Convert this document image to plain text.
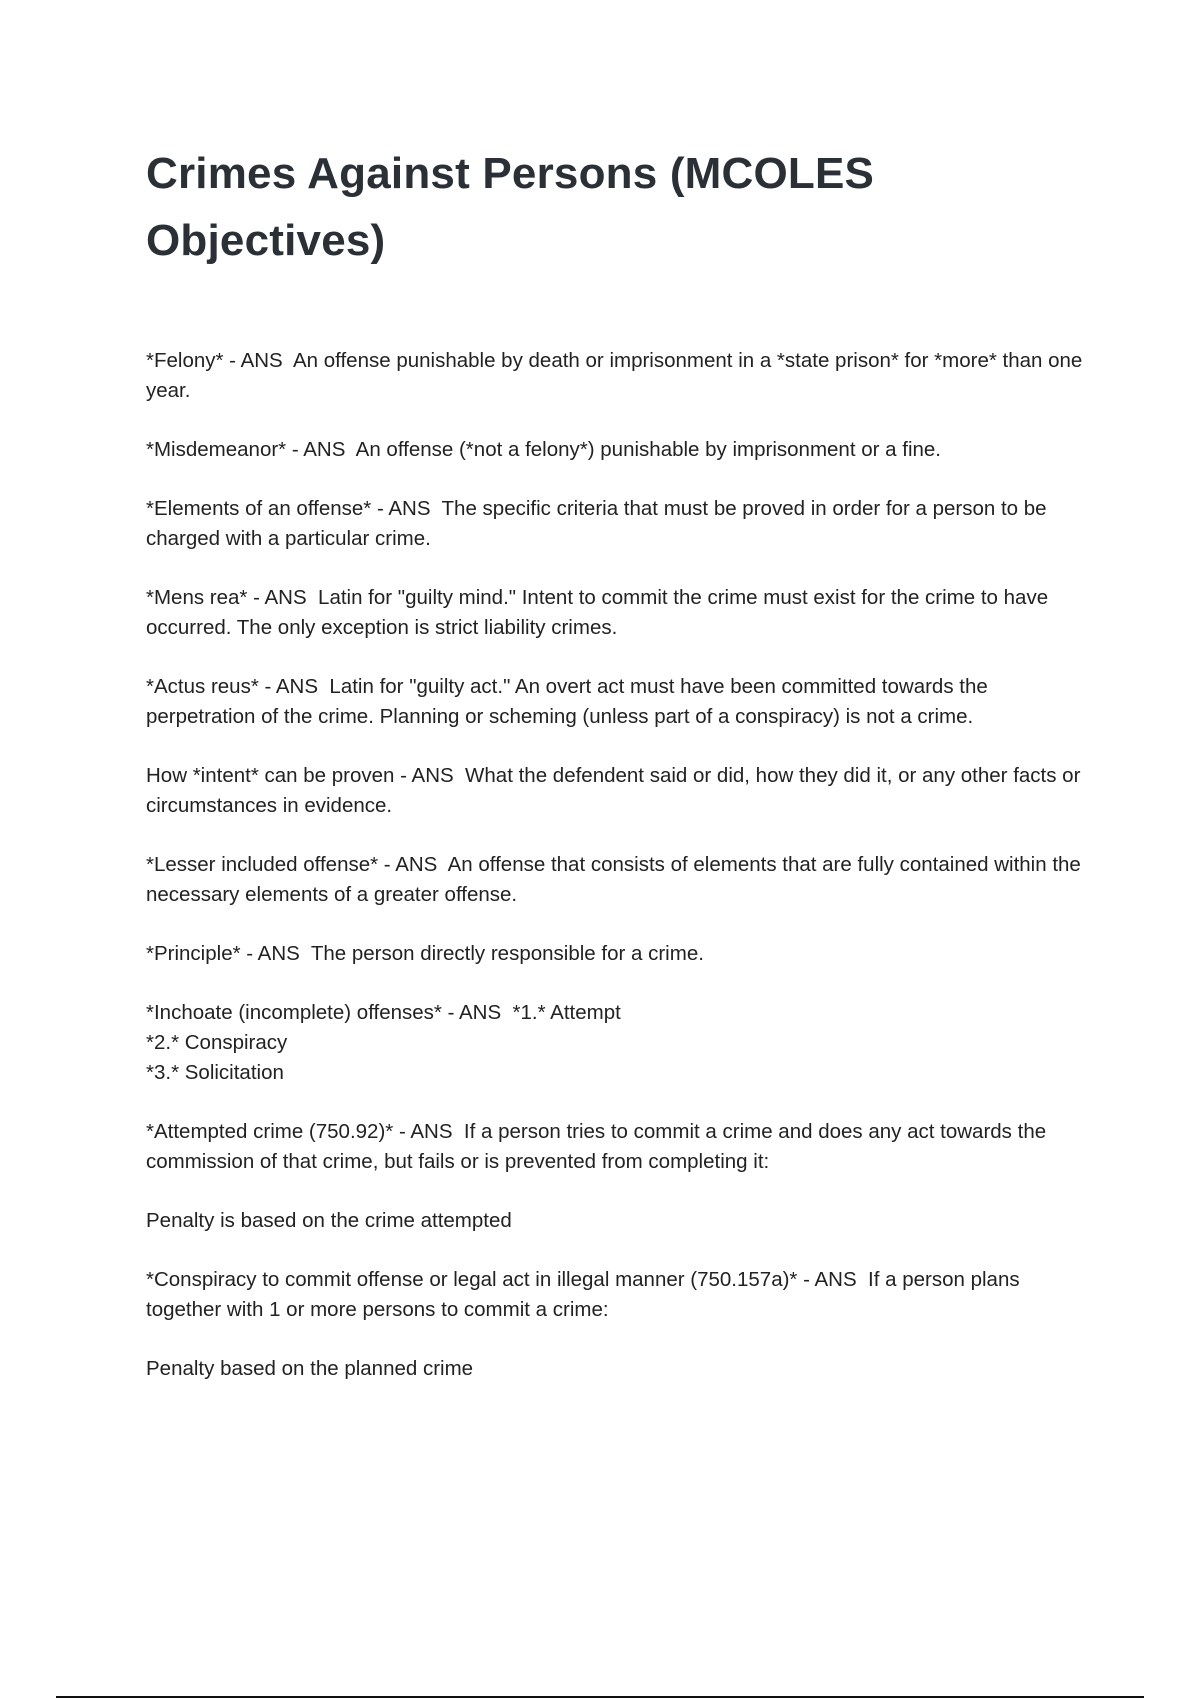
Crimes Against Persons (MCOLES Objectives)

*Felony* - ANS  An offense punishable by death or imprisonment in a *state prison* for *more* than one year.

*Misdemeanor* - ANS  An offense (*not a felony*) punishable by imprisonment or a fine.

*Elements of an offense* - ANS  The specific criteria that must be proved in order for a person to be charged with a particular crime.

*Mens rea* - ANS  Latin for "guilty mind." Intent to commit the crime must exist for the crime to have occurred. The only exception is strict liability crimes.

*Actus reus* - ANS  Latin for "guilty act." An overt act must have been committed towards the perpetration of the crime. Planning or scheming (unless part of a conspiracy) is not a crime.

How *intent* can be proven - ANS  What the defendent said or did, how they did it, or any other facts or circumstances in evidence.

*Lesser included offense* - ANS  An offense that consists of elements that are fully contained within the necessary elements of a greater offense.

*Principle* - ANS  The person directly responsible for a crime.

*Inchoate (incomplete) offenses* - ANS  *1.* Attempt
*2.* Conspiracy
*3.* Solicitation

*Attempted crime (750.92)* - ANS  If a person tries to commit a crime and does any act towards the commission of that crime, but fails or is prevented from completing it:

Penalty is based on the crime attempted

*Conspiracy to commit offense or legal act in illegal manner (750.157a)* - ANS  If a person plans together with 1 or more persons to commit a crime:

Penalty based on the planned crime
